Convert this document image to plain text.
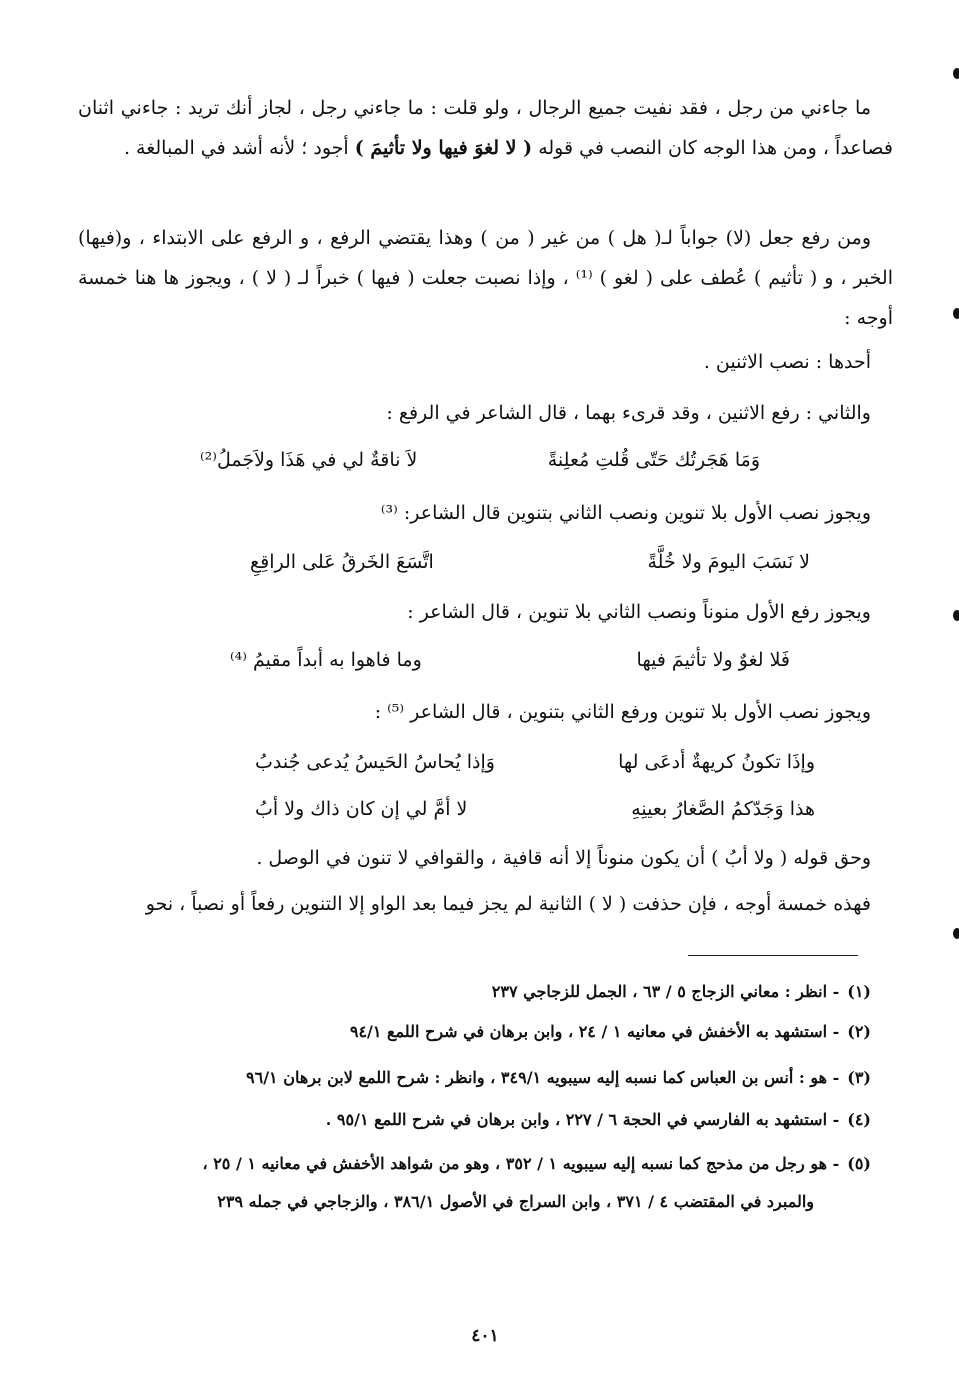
ما جاءني من رجل ، فقد نفيت جميع الرجال ، ولو قلت : ما جاءني رجل ، لجاز أنك تريد : جاءني اثنان فصاعداً ، ومن هذا الوجه كان النصب في قوله ( لا لغوَ فيها ولا تأثيمَ ) أجود ؛ لأنه أشد في المبالغة .

ومن رفع جعل (لا) جواباً لـ( هل ) من غير ( من ) وهذا يقتضي الرفع ، و الرفع على الابتداء ، و(فيها) الخبر ، و ( تأثيم ) عُطف على ( لغو ) ⁽¹⁾ ، وإذا نصبت جعلت ( فيها ) خبراً لـ ( لا ) ، ويجوز ها هنا خمسة أوجه :

أحدها : نصب الاثنين .
والثاني : رفع الاثنين ، وقد قرىء بهما ، قال الشاعر في الرفع :
وَمَا هَجَرتُك حَتّى قُلتِ مُعلِنةً
لاَ ناقةٌ لي في هَذَا ولاَجَملُ⁽²⁾
ويجوز نصب الأول بلا تنوين ونصب الثاني بتنوين قال الشاعر: ⁽³⁾
لا نَسَبَ اليومَ ولا خُلَّةً
اتَّسَعَ الخَرقُ عَلى الراقِعِ
ويجوز رفع الأول منوناً ونصب الثاني بلا تنوين ، قال الشاعر :
فَلا لغوٌ ولا تأثيمَ فيها
وما فاهوا به أبداً مقيمُ ⁽⁴⁾
ويجوز نصب الأول بلا تنوين ورفع الثاني بتنوين ، قال الشاعر ⁽⁵⁾ :
وإذَا تكونُ كريهةٌ أدعَى لها
وَإذا يُحاسُ الحَيسُ يُدعى جُندبُ
هذا وَجَدّكمُ الصَّغارُ بعينِهِ
لا أمَّ لي إن كان ذاك ولا أبُ
وحق قوله ( ولا أبُ ) أن يكون منوناً إلا أنه قافية ، والقوافي لا تنون في الوصل .
فهذه خمسة أوجه ، فإن حذفت ( لا ) الثانية لم يجز فيما بعد الواو إلا التنوين رفعاً أو نصباً ، نحو
(١)- انظر : معاني الزجاج ٥ / ٦٣ ، الجمل للزجاجي ٢٣٧
(٢)- استشهد به الأخفش في معانيه ١ / ٢٤ ، وابن برهان في شرح اللمع ٩٤/١
(٣)- هو : أنس بن العباس كما نسبه إليه سيبويه ٣٤٩/١ ، وانظر : شرح اللمع لابن برهان ٩٦/١
(٤)- استشهد به الفارسي في الحجة ٦ / ٢٢٧ ، وابن برهان في شرح اللمع ٩٥/١ .
(٥)- هو رجل من مذحج كما نسبه إليه سيبويه ١ / ٣٥٢ ، وهو من شواهد الأخفش في معانيه ١ / ٢٥ ،
والمبرد في المقتضب ٤ / ٣٧١ ، وابن السراج في الأصول ٣٨٦/١ ، والزجاجي في جمله ٢٣٩
٤٠١
